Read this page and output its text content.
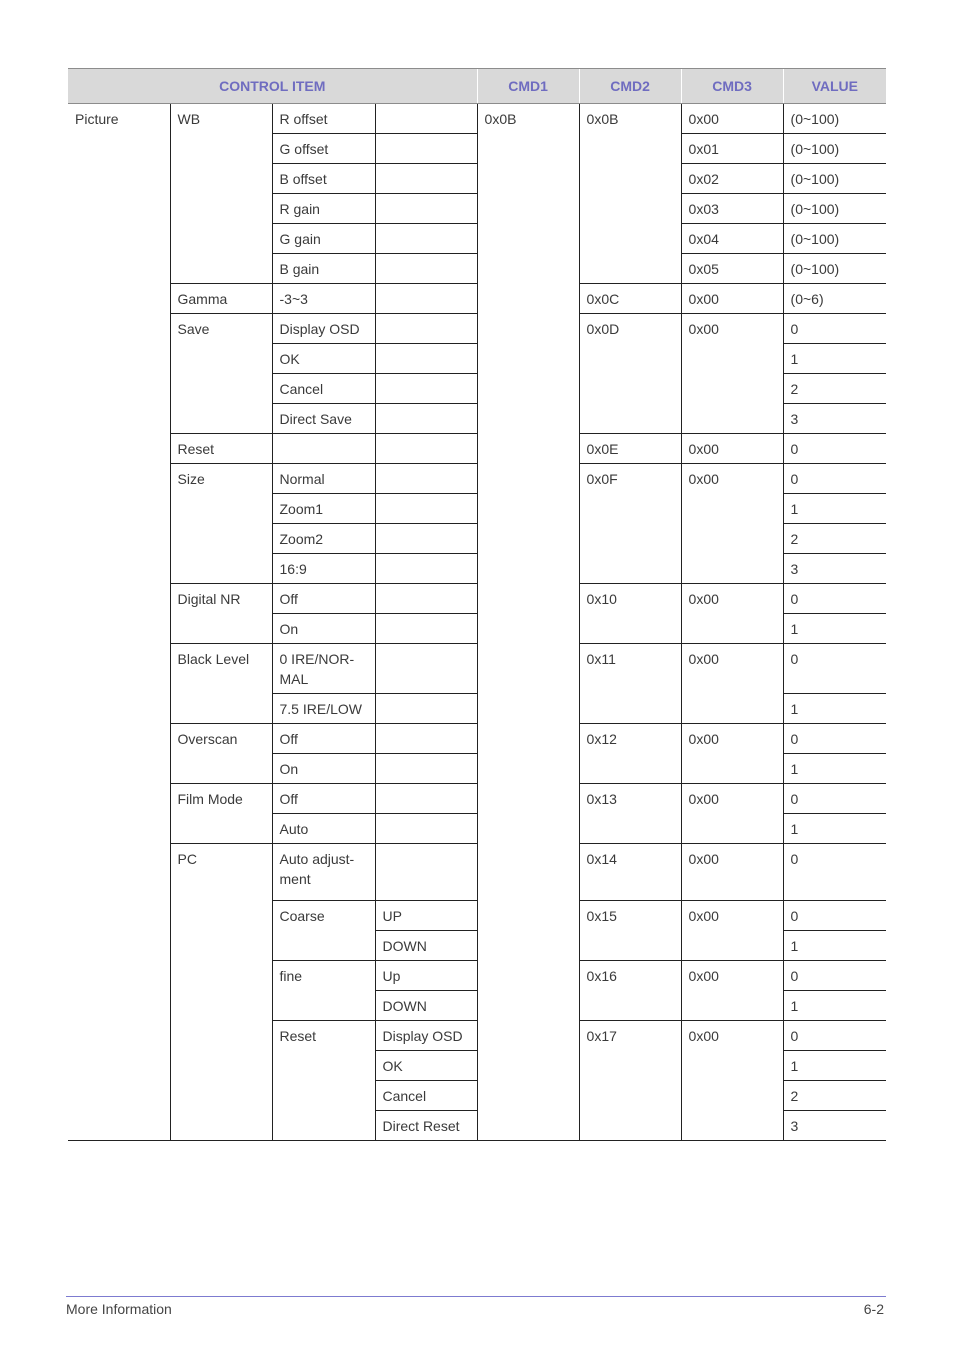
CONTROL ITEM				CMD1	CMD2	CMD3	VALUE
Picture	WB	R offset		0x0B	0x0B	0x00	(0~100)
		G offset				0x01	(0~100)
		B offset				0x02	(0~100)
		R gain				0x03	(0~100)
		G gain				0x04	(0~100)
		B gain				0x05	(0~100)
	Gamma	-3~3			0x0C	0x00	(0~6)
	Save	Display OSD			0x0D	0x00	0
		OK					1
		Cancel					2
		Direct Save					3
	Reset				0x0E	0x00	0
	Size	Normal			0x0F	0x00	0
		Zoom1					1
		Zoom2					2
		16:9					3
	Digital NR	Off			0x10	0x00	0
		On					1
	Black Level	0 IRE/NOR-MAL			0x11	0x00	0
		7.5 IRE/LOW					1
	Overscan	Off			0x12	0x00	0
		On					1
	Film Mode	Off			0x13	0x00	0
		Auto					1
	PC	Auto adjust-ment			0x14	0x00	0
		Coarse	UP		0x15	0x00	0
			DOWN				1
		fine	Up		0x16	0x00	0
			DOWN				1
		Reset	Display OSD		0x17	0x00	0
			OK				1
			Cancel				2
			Direct Reset				3
More Information	6-2
